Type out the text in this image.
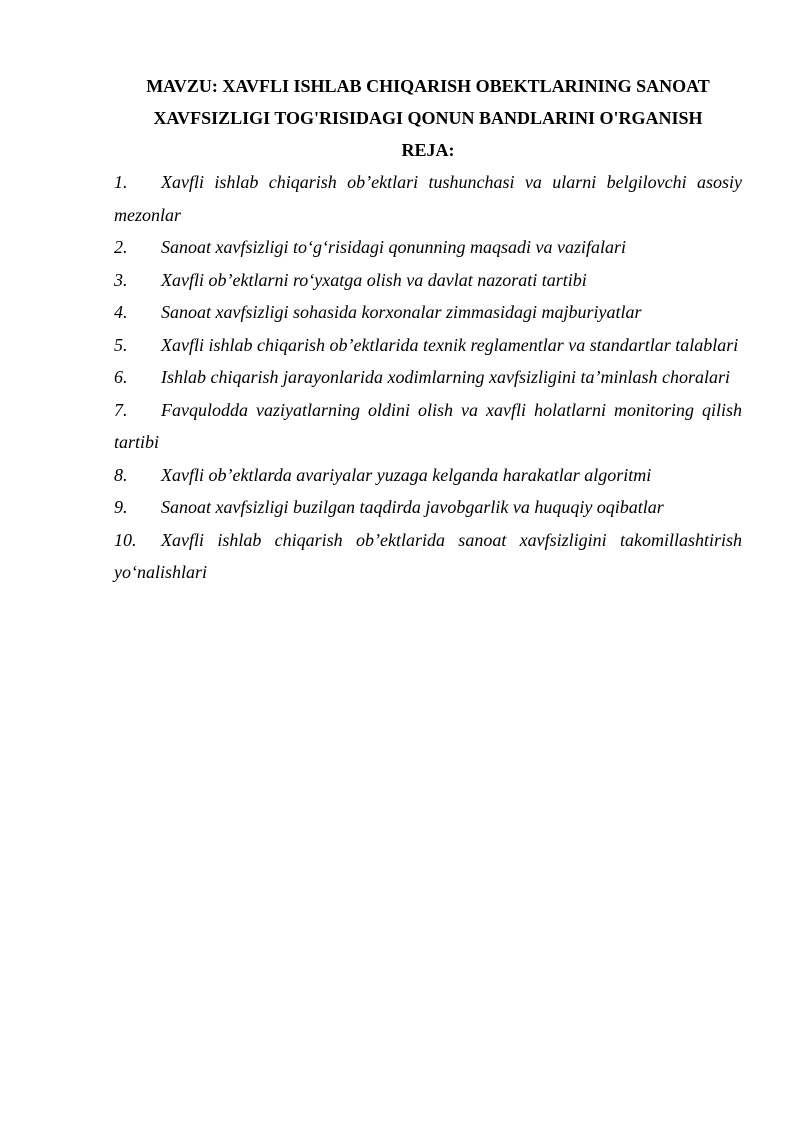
MAVZU: XAVFLI ISHLAB CHIQARISH OBEKTLARINING SANOAT
XAVFSIZLIGI TOG'RISIDAGI QONUN BANDLARINI O'RGANISH

REJA:

1. Xavfli ishlab chiqarish ob’ektlari tushunchasi va ularni belgilovchi asosiy mezonlar
2. Sanoat xavfsizligi to‘g‘risidagi qonunning maqsadi va vazifalari
3. Xavfli ob’ektlarni ro‘yxatga olish va davlat nazorati tartibi
4. Sanoat xavfsizligi sohasida korxonalar zimmasidagi majburiyatlar
5. Xavfli ishlab chiqarish ob’ektlarida texnik reglamentlar va standartlar talablari
6. Ishlab chiqarish jarayonlarida xodimlarning xavfsizligini ta’minlash choralari
7. Favqulodda vaziyatlarning oldini olish va xavfli holatlarni monitoring qilish tartibi
8. Xavfli ob’ektlarda avariyalar yuzaga kelganda harakatlar algoritmi
9. Sanoat xavfsizligi buzilgan taqdirda javobgarlik va huquqiy oqibatlar
10. Xavfli ishlab chiqarish ob’ektlarida sanoat xavfsizligini takomillashtirish yo‘nalishlari
